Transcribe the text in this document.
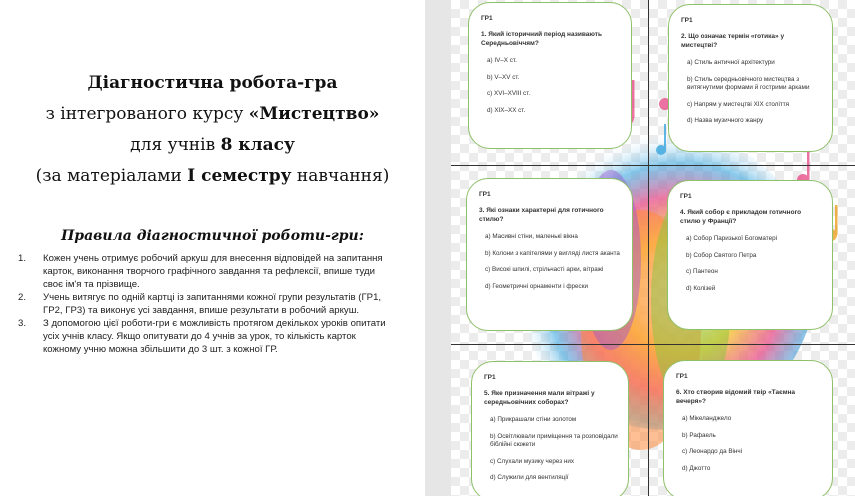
Діагностична робота-гра
з інтегрованого курсу «Мистецтво»
для учнів 8 класу
(за матеріалами І семестру навчання)
Правила діагностичної роботи-гри:
1. Кожен учень отримує робочий аркуш для внесення відповідей на запитання карток, виконання творчого графічного завдання та рефлексії, впише туди своє ім'я та прізвище.
2. Учень витягує по одній картці із запитаннями кожної групи результатів (ГР1, ГР2, ГР3) та виконує усі завдання, впише результати в робочий аркуш.
3. З допомогою цієї роботи-гри є можливість протягом декількох уроків опитати усіх учнів класу. Якщо опитувати до 4 учнів за урок, то кількість карток кожному учню можна збільшити до 3 шт. з кожної ГР.
ГР1
1. Який історичний період називають Середньовіччям?
а) IV–X ст.
b) V–XV ст.
c) XVI–XVIII ст.
d) XIX–XX ст.
ГР1
2. Що означає термін «готика» у мистецтві?
а) Стиль античної архітектури
b) Стиль середньовічного мистецтва з витягнутими формами й гострими арками
c) Напрям у мистецтві XIX століття
d) Назва музичного жанру
ГР1
3. Які ознаки характерні для готичного стилю?
а) Масивні стіни, маленькі вікна
b) Колони з капітелями у вигляді листя аканта
c) Високі шпилі, стрільчасті арки, вітражі
d) Геометричні орнаменти і фрески
ГР1
4. Який собор є прикладом готичного стилю у Франції?
а) Собор Паризької Богоматері
b) Собор Святого Петра
c) Пантеон
d) Колізей
ГР1
5. Яке призначення мали вітражі у середньовічних соборах?
а) Прикрашали стіни золотом
b) Освітлювали приміщення та розповідали біблійні сюжети
c) Слухали музику через них
d) Служили для вентиляції
ГР1
6. Хто створив відомий твір «Таємна вечеря»?
а) Мікеланджело
b) Рафаель
c) Леонардо да Вінчі
d) Джотто
